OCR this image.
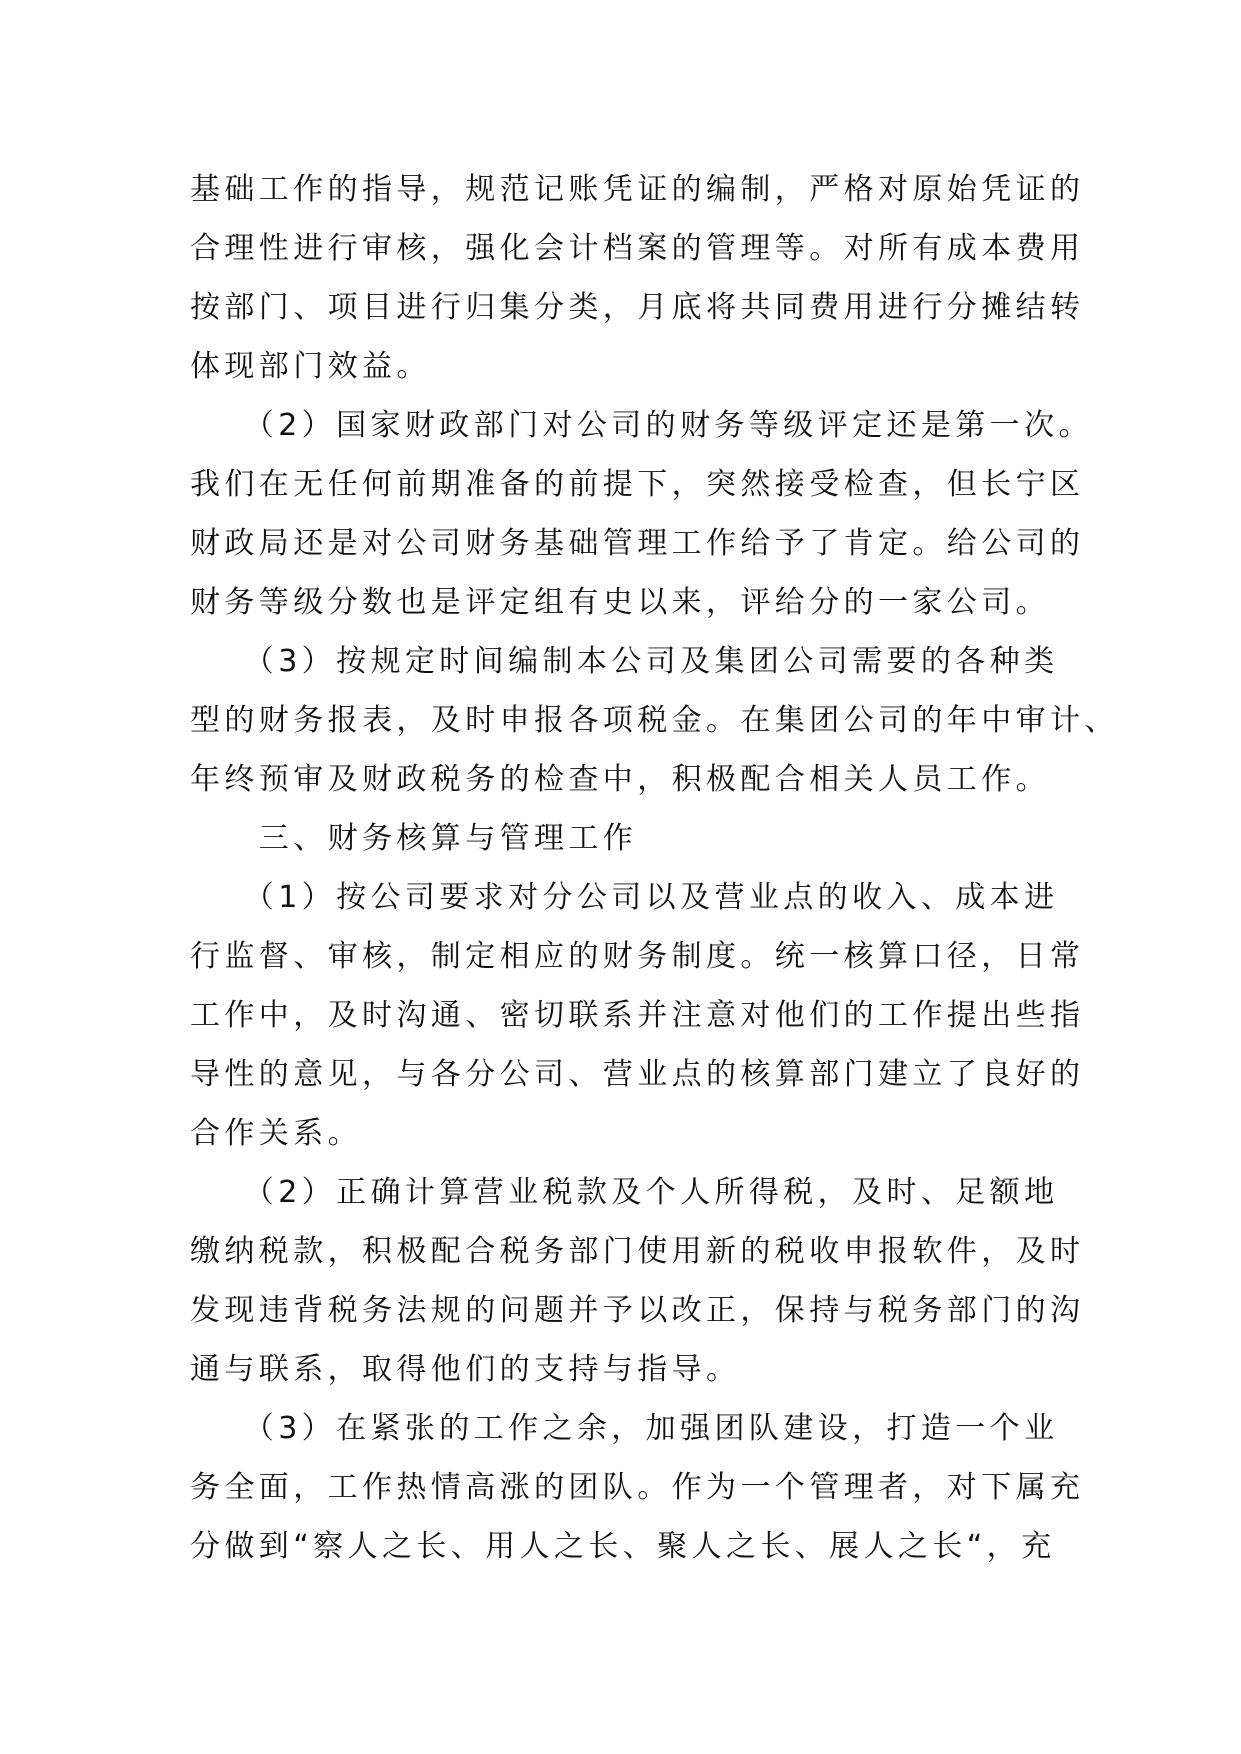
基础工作的指导，规范记账凭证的编制，严格对原始凭证的
合理性进行审核，强化会计档案的管理等。对所有成本费用
按部门、项目进行归集分类，月底将共同费用进行分摊结转
体现部门效益。
　　（2）国家财政部门对公司的财务等级评定还是第一次。
我们在无任何前期准备的前提下，突然接受检查，但长宁区
财政局还是对公司财务基础管理工作给予了肯定。给公司的
财务等级分数也是评定组有史以来，评给分的一家公司。
　　（3）按规定时间编制本公司及集团公司需要的各种类
型的财务报表，及时申报各项税金。在集团公司的年中审计、
年终预审及财政税务的检查中，积极配合相关人员工作。
　　三、财务核算与管理工作
　　（1）按公司要求对分公司以及营业点的收入、成本进
行监督、审核，制定相应的财务制度。统一核算口径，日常
工作中，及时沟通、密切联系并注意对他们的工作提出些指
导性的意见，与各分公司、营业点的核算部门建立了良好的
合作关系。
　　（2）正确计算营业税款及个人所得税，及时、足额地
缴纳税款，积极配合税务部门使用新的税收申报软件，及时
发现违背税务法规的问题并予以改正，保持与税务部门的沟
通与联系，取得他们的支持与指导。
　　（3）在紧张的工作之余，加强团队建设，打造一个业
务全面，工作热情高涨的团队。作为一个管理者，对下属充
分做到“察人之长、用人之长、聚人之长、展人之长“，充
